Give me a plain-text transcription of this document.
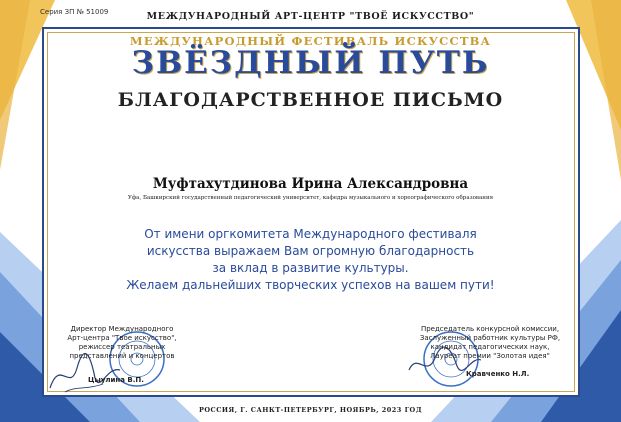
Серия ЗП № 51009	МЕЖДУНАРОДНЫЙ АРТ-ЦЕНТР "ТВОЁ ИСКУССТВО"
МЕЖДУНАРОДНЫЙ ФЕСТИВАЛЬ ИСКУССТВА
ЗВЁЗДНЫЙ ПУТЬ
БЛАГОДАРСТВЕННОЕ ПИСЬМО
Муфтахутдинова Ирина Александровна
Уфа, Башкирский государственный педагогический университет, кафедра музыкального и хореографического образования
От имени оргкомитета Международного фестиваля
искусства выражаем Вам огромную благодарность
за вклад в развитие культуры.
Желаем дальнейших творческих успехов на вашем пути!
Директор Международного
Арт-центра "Твое искусство",
режиссер театральных
представлений и концертов
Цыулина В.П.
Председатель конкурсной комиссии,
Заслуженный работник культуры РФ,
кандидат педагогических наук,
Лауреат премии "Золотая идея"
Кравченко Н.Л.
РОССИЯ, Г. САНКТ-ПЕТЕРБУРГ, НОЯБРЬ, 2023 ГОД
